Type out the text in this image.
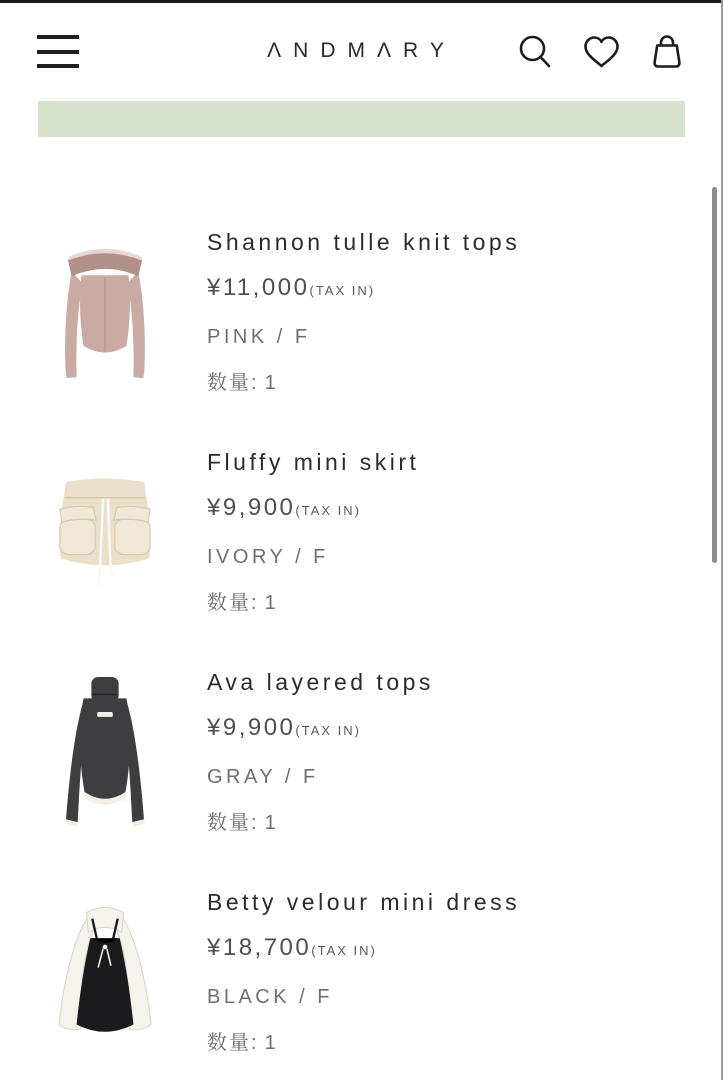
ΛNDMΛRY
Shannon tulle knit tops
¥11,000(TAX IN)
PINK / F
数量: 1
Fluffy mini skirt
¥9,900(TAX IN)
IVORY / F
数量: 1
Ava layered tops
¥9,900(TAX IN)
GRAY / F
数量: 1
Betty velour mini dress
¥18,700(TAX IN)
BLACK / F
数量: 1
